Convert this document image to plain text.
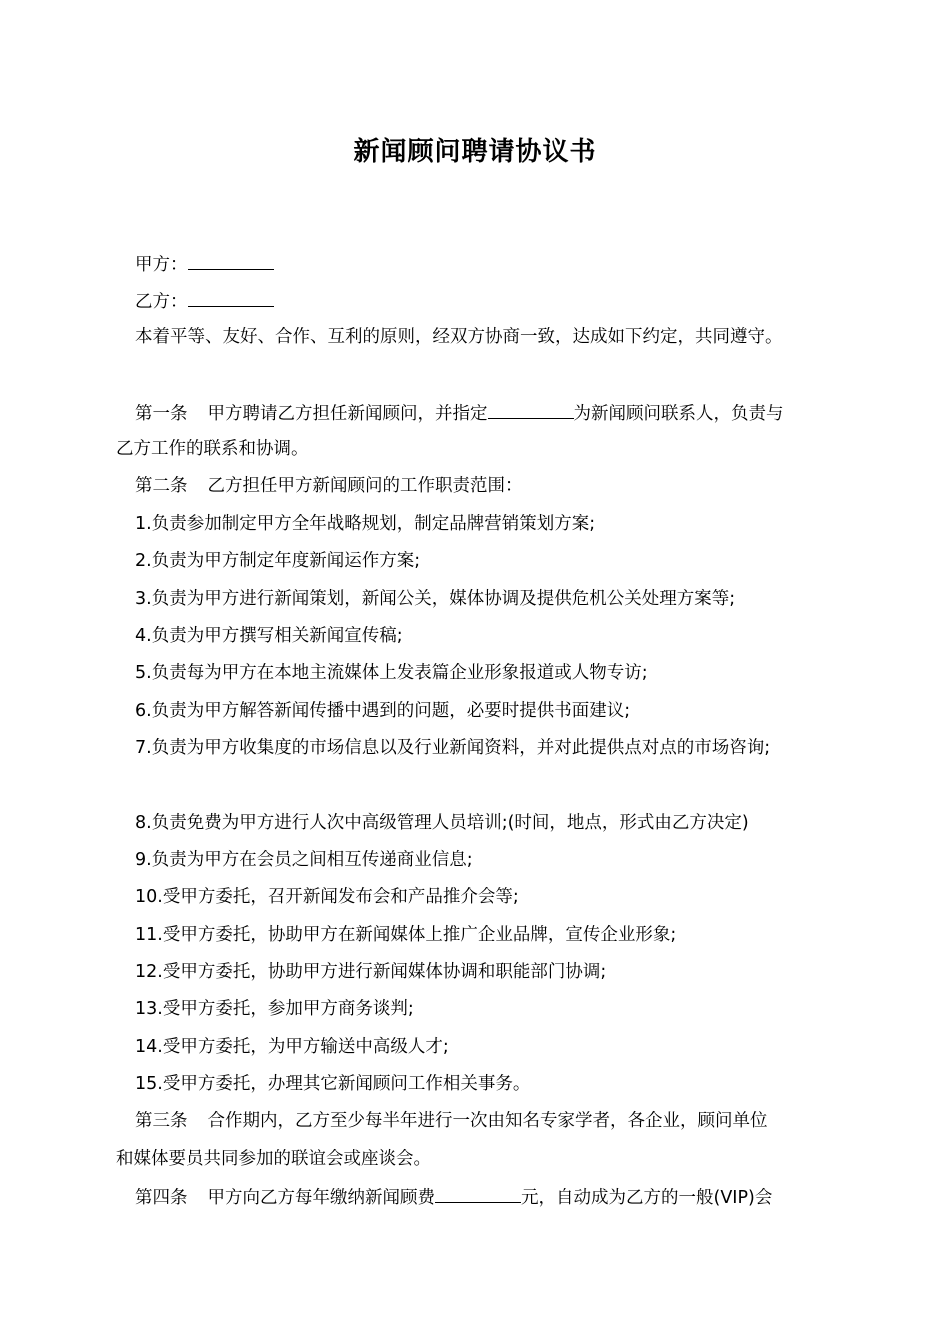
新闻顾问聘请协议书
甲方：
乙方：
本着平等、友好、合作、互利的原则，经双方协商一致，达成如下约定，共同遵守。
第一条 甲方聘请乙方担任新闻顾问，并指定	为新闻顾问联系人，负责与
乙方工作的联系和协调。
第二条 乙方担任甲方新闻顾问的工作职责范围：
1.负责参加制定甲方全年战略规划，制定品牌营销策划方案;
2.负责为甲方制定年度新闻运作方案;
3.负责为甲方进行新闻策划，新闻公关，媒体协调及提供危机公关处理方案等;
4.负责为甲方撰写相关新闻宣传稿;
5.负责每为甲方在本地主流媒体上发表篇企业形象报道或人物专访;
6.负责为甲方解答新闻传播中遇到的问题，必要时提供书面建议;
7.负责为甲方收集度的市场信息以及行业新闻资料，并对此提供点对点的市场咨询;
8.负责免费为甲方进行人次中高级管理人员培训;(时间，地点，形式由乙方决定)
9.负责为甲方在会员之间相互传递商业信息;
10.受甲方委托，召开新闻发布会和产品推介会等;
11.受甲方委托，协助甲方在新闻媒体上推广企业品牌，宣传企业形象;
12.受甲方委托，协助甲方进行新闻媒体协调和职能部门协调;
13.受甲方委托，参加甲方商务谈判;
14.受甲方委托，为甲方输送中高级人才;
15.受甲方委托，办理其它新闻顾问工作相关事务。
第三条 合作期内，乙方至少每半年进行一次由知名专家学者，各企业，顾问单位
和媒体要员共同参加的联谊会或座谈会。
第四条 甲方向乙方每年缴纳新闻顾费	元，自动成为乙方的一般(VIP)会
